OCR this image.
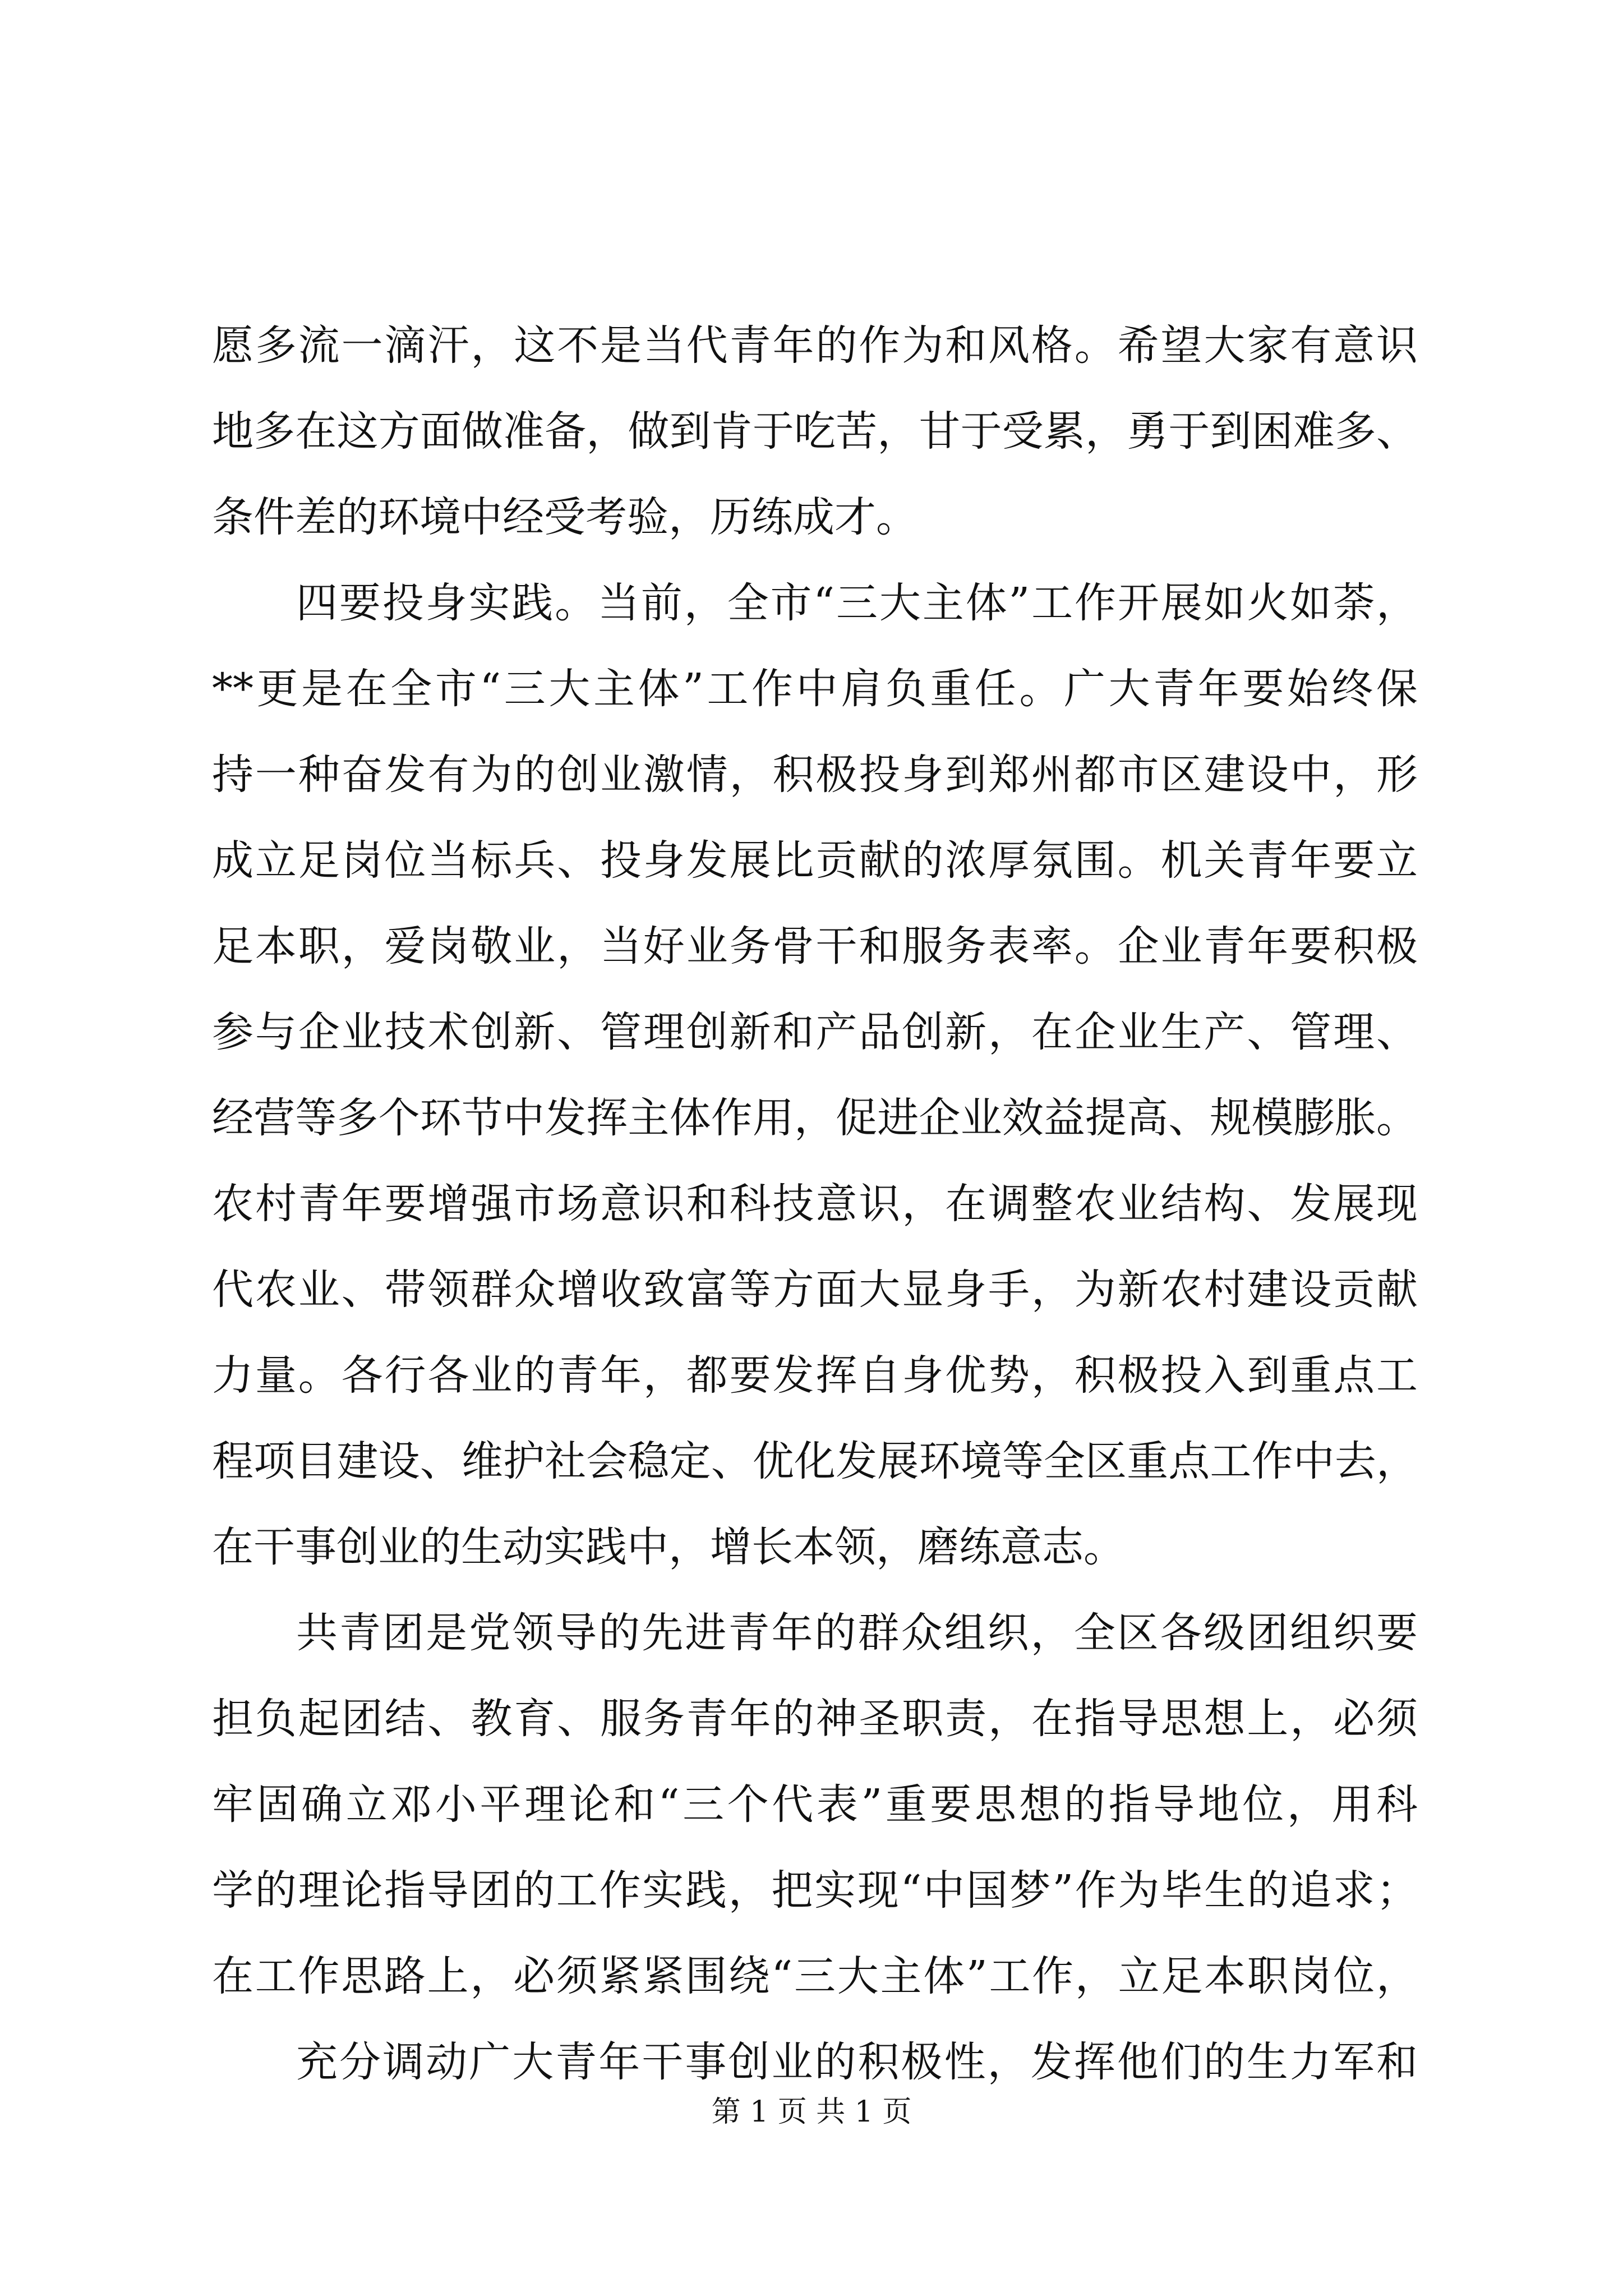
愿多流一滴汗，这不是当代青年的作为和风格。希望大家有意识
地多在这方面做准备，做到肯于吃苦，甘于受累，勇于到困难多、
条件差的环境中经受考验，历练成才。
四要投身实践。当前，全市“三大主体”工作开展如火如荼，
**更是在全市“三大主体”工作中肩负重任。广大青年要始终保
持一种奋发有为的创业激情，积极投身到郑州都市区建设中，形
成立足岗位当标兵、投身发展比贡献的浓厚氛围。机关青年要立
足本职，爱岗敬业，当好业务骨干和服务表率。企业青年要积极
参与企业技术创新、管理创新和产品创新，在企业生产、管理、
经营等多个环节中发挥主体作用，促进企业效益提高、规模膨胀。
农村青年要增强市场意识和科技意识，在调整农业结构、发展现
代农业、带领群众增收致富等方面大显身手，为新农村建设贡献
力量。各行各业的青年，都要发挥自身优势，积极投入到重点工
程项目建设、维护社会稳定、优化发展环境等全区重点工作中去，
在干事创业的生动实践中，增长本领，磨练意志。
共青团是党领导的先进青年的群众组织，全区各级团组织要
担负起团结、教育、服务青年的神圣职责，在指导思想上，必须
牢固确立邓小平理论和“三个代表”重要思想的指导地位，用科
学的理论指导团的工作实践，把实现“中国梦”作为毕生的追求；
在工作思路上，必须紧紧围绕“三大主体”工作，立足本职岗位，
充分调动广大青年干事创业的积极性，发挥他们的生力军和
第 1 页 共 1 页
